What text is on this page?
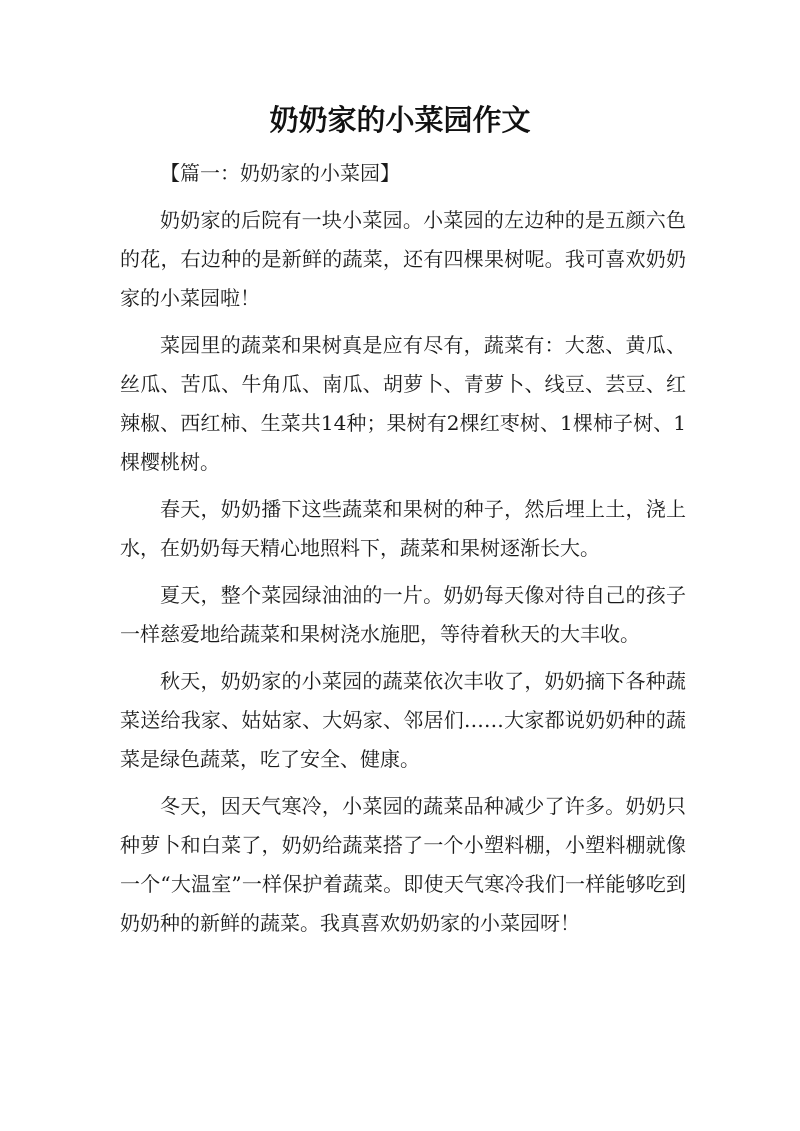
奶奶家的小菜园作文

【篇一：奶奶家的小菜园】

奶奶家的后院有一块小菜园。小菜园的左边种的是五颜六色的花，右边种的是新鲜的蔬菜，还有四棵果树呢。我可喜欢奶奶家的小菜园啦！

菜园里的蔬菜和果树真是应有尽有，蔬菜有：大葱、黄瓜、丝瓜、苦瓜、牛角瓜、南瓜、胡萝卜、青萝卜、线豆、芸豆、红辣椒、西红柿、生菜共14种；果树有2棵红枣树、1棵柿子树、1棵樱桃树。

春天，奶奶播下这些蔬菜和果树的种子，然后埋上土，浇上水，在奶奶每天精心地照料下，蔬菜和果树逐渐长大。

夏天，整个菜园绿油油的一片。奶奶每天像对待自己的孩子一样慈爱地给蔬菜和果树浇水施肥，等待着秋天的大丰收。

秋天，奶奶家的小菜园的蔬菜依次丰收了，奶奶摘下各种蔬菜送给我家、姑姑家、大妈家、邻居们……大家都说奶奶种的蔬菜是绿色蔬菜，吃了安全、健康。

冬天，因天气寒冷，小菜园的蔬菜品种减少了许多。奶奶只种萝卜和白菜了，奶奶给蔬菜搭了一个小塑料棚，小塑料棚就像一个“大温室”一样保护着蔬菜。即使天气寒冷我们一样能够吃到奶奶种的新鲜的蔬菜。我真喜欢奶奶家的小菜园呀！
